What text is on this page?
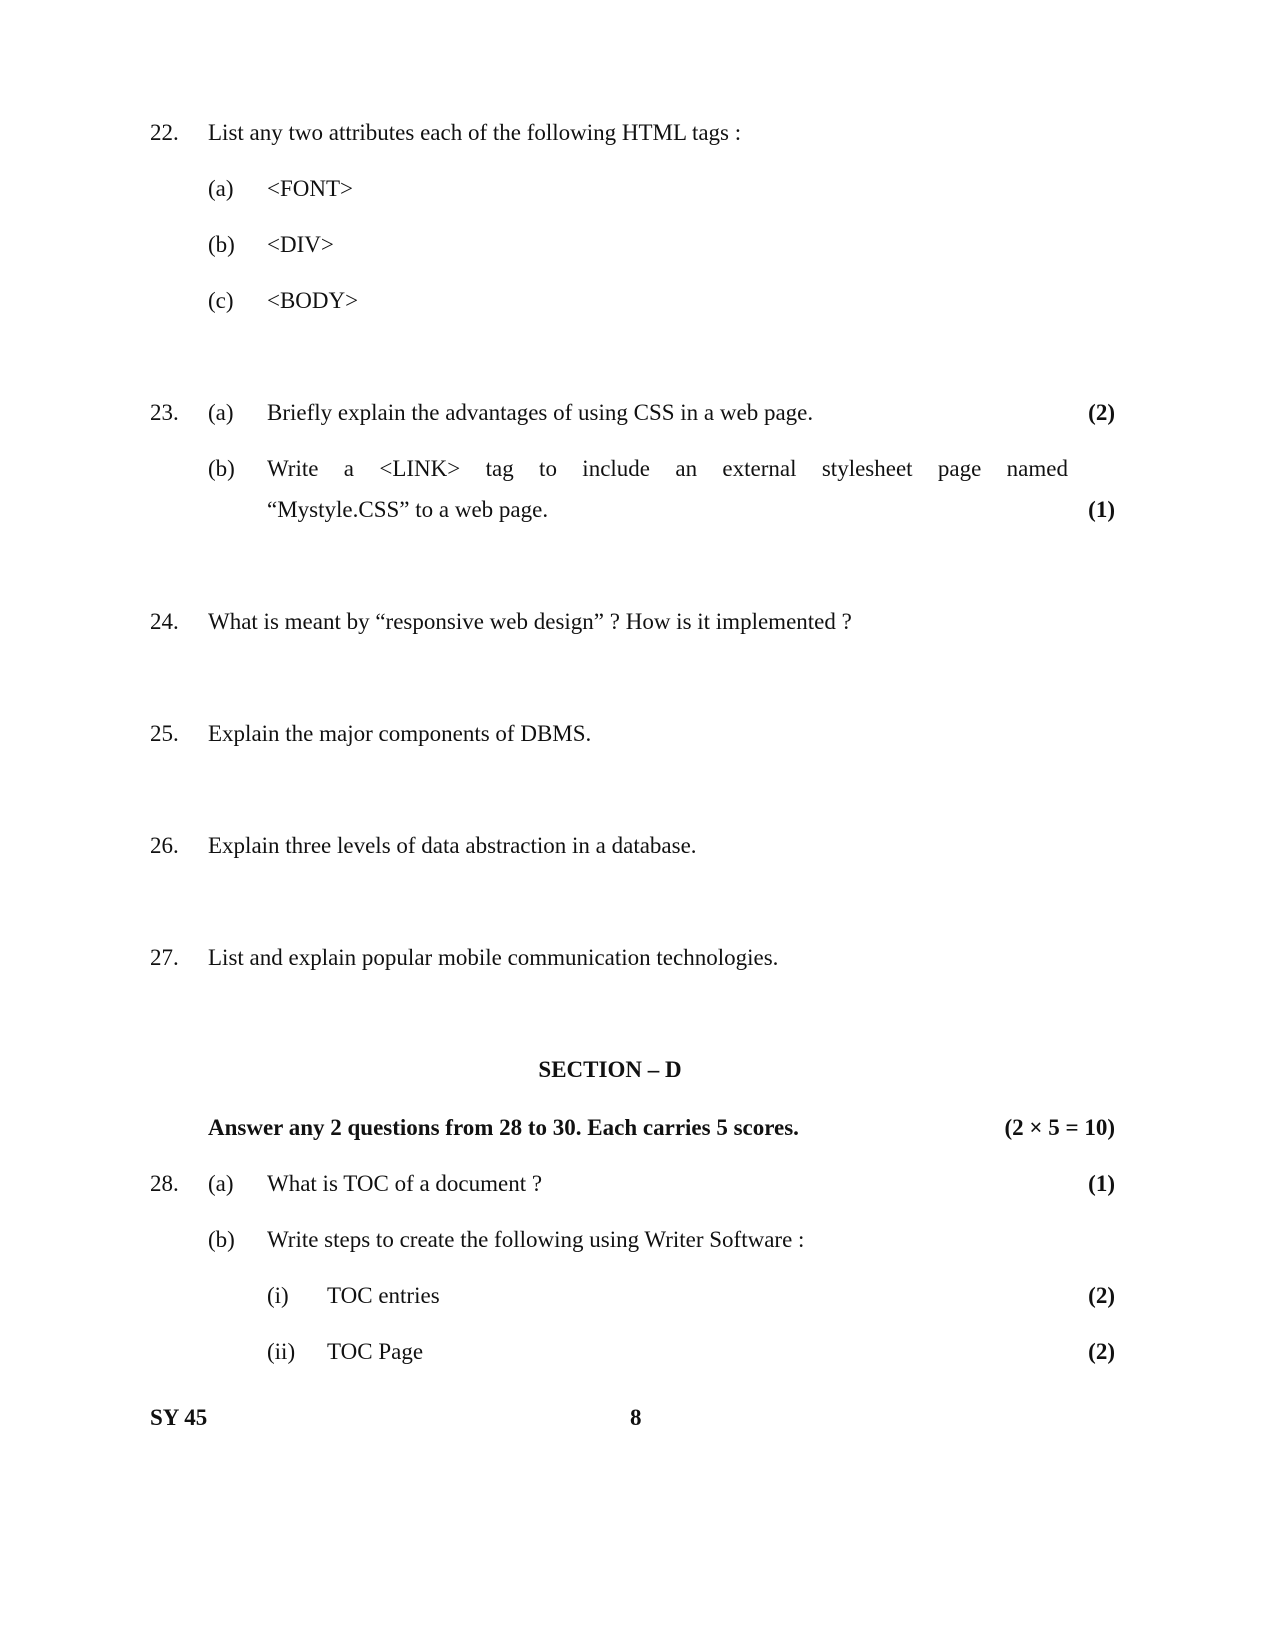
22. List any two attributes each of the following HTML tags :
(a) <FONT>
(b) <DIV>
(c) <BODY>
23. (a) Briefly explain the advantages of using CSS in a web page.	(2)
(b) Write a <LINK> tag to include an external stylesheet page named
“Mystyle.CSS” to a web page.	(1)
24. What is meant by “responsive web design” ? How is it implemented ?
25. Explain the major components of DBMS.
26. Explain three levels of data abstraction in a database.
27. List and explain popular mobile communication technologies.
SECTION – D
Answer any 2 questions from 28 to 30. Each carries 5 scores.	(2 × 5 = 10)
28. (a) What is TOC of a document ?	(1)
(b) Write steps to create the following using Writer Software :
(i) TOC entries	(2)
(ii) TOC Page	(2)
SY 45	8
